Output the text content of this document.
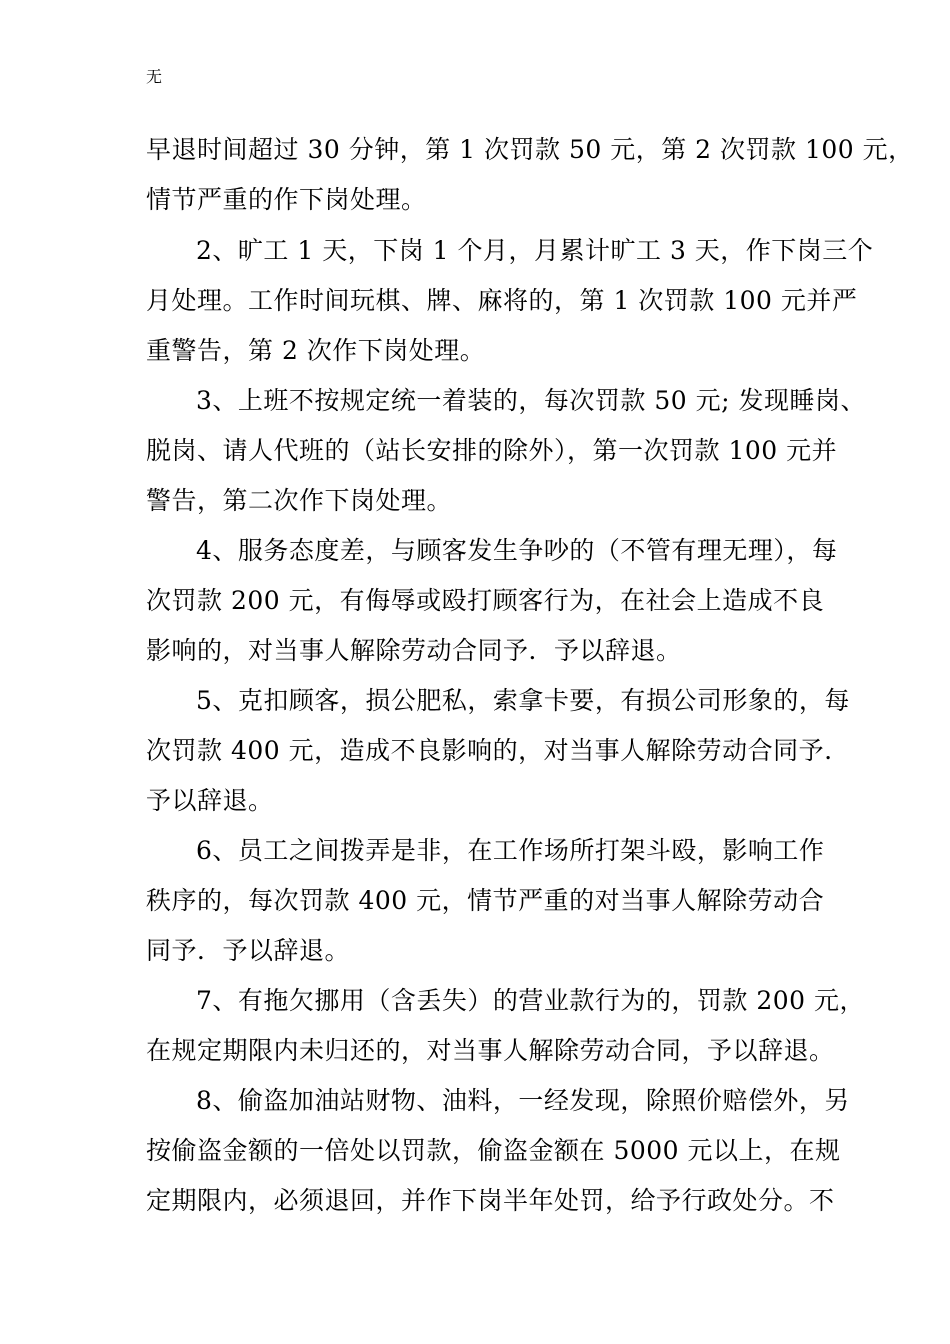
无
早退时间超过 30 分钟，第 1 次罚款 50 元，第 2 次罚款 100 元，
情节严重的作下岗处理。
2、旷工 1 天，下岗 1 个月，月累计旷工 3 天，作下岗三个
月处理。工作时间玩棋、牌、麻将的，第 1 次罚款 100 元并严
重警告，第 2 次作下岗处理。
3、上班不按规定统一着装的，每次罚款 50 元; 发现睡岗、
脱岗、请人代班的（站长安排的除外），第一次罚款 100 元并
警告，第二次作下岗处理。
4、服务态度差，与顾客发生争吵的（不管有理无理），每
次罚款 200 元，有侮辱或殴打顾客行为，在社会上造成不良
影响的，对当事人解除劳动合同予．予以辞退。
5、克扣顾客，损公肥私，索拿卡要，有损公司形象的，每
次罚款 400 元，造成不良影响的，对当事人解除劳动合同予.
予以辞退。
6、员工之间拨弄是非，在工作场所打架斗殴，影响工作
秩序的，每次罚款 400 元，情节严重的对当事人解除劳动合
同予．予以辞退。
7、有拖欠挪用（含丢失）的营业款行为的，罚款 200 元，
在规定期限内未归还的，对当事人解除劳动合同，予以辞退。
8、偷盗加油站财物、油料，一经发现，除照价赔偿外，另
按偷盗金额的一倍处以罚款，偷盗金额在 5000 元以上，在规
定期限内，必须退回，并作下岗半年处罚，给予行政处分。不
